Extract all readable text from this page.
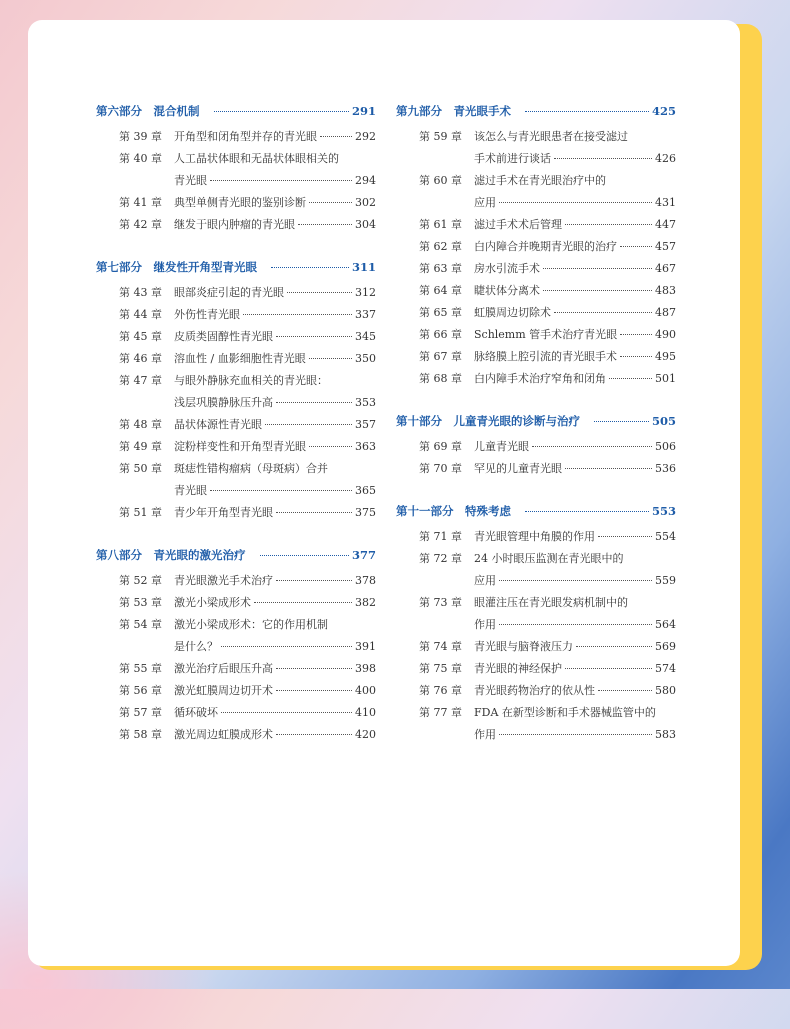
第六部分　混合机制	291
第 39 章	开角型和闭角型并存的青光眼	292
第 40 章	人工晶状体眼和无晶状体眼相关的
青光眼	294
第 41 章	典型单侧青光眼的鉴别诊断	302
第 42 章	继发于眼内肿瘤的青光眼	304
第七部分　继发性开角型青光眼	311
第 43 章	眼部炎症引起的青光眼	312
第 44 章	外伤性青光眼	337
第 45 章	皮质类固醇性青光眼	345
第 46 章	溶血性 / 血影细胞性青光眼	350
第 47 章	与眼外静脉充血相关的青光眼：
浅层巩膜静脉压升高	353
第 48 章	晶状体源性青光眼	357
第 49 章	淀粉样变性和开角型青光眼	363
第 50 章	斑痣性错构瘤病（母斑病）合并
青光眼	365
第 51 章	青少年开角型青光眼	375
第八部分　青光眼的激光治疗	377
第 52 章	青光眼激光手术治疗	378
第 53 章	激光小梁成形术	382
第 54 章	激光小梁成形术：它的作用机制
是什么？	391
第 55 章	激光治疗后眼压升高	398
第 56 章	激光虹膜周边切开术	400
第 57 章	循环破坏	410
第 58 章	激光周边虹膜成形术	420
第九部分　青光眼手术	425
第 59 章	该怎么与青光眼患者在接受滤过
手术前进行谈话	426
第 60 章	滤过手术在青光眼治疗中的
应用	431
第 61 章	滤过手术术后管理	447
第 62 章	白内障合并晚期青光眼的治疗	457
第 63 章	房水引流手术	467
第 64 章	睫状体分离术	483
第 65 章	虹膜周边切除术	487
第 66 章	Schlemm 管手术治疗青光眼	490
第 67 章	脉络膜上腔引流的青光眼手术	495
第 68 章	白内障手术治疗窄角和闭角	501
第十部分　儿童青光眼的诊断与治疗	505
第 69 章	儿童青光眼	506
第 70 章	罕见的儿童青光眼	536
第十一部分　特殊考虑	553
第 71 章	青光眼管理中角膜的作用	554
第 72 章	24 小时眼压监测在青光眼中的
应用	559
第 73 章	眼灌注压在青光眼发病机制中的
作用	564
第 74 章	青光眼与脑脊液压力	569
第 75 章	青光眼的神经保护	574
第 76 章	青光眼药物治疗的依从性	580
第 77 章	FDA 在新型诊断和手术器械监管中的
作用	583
